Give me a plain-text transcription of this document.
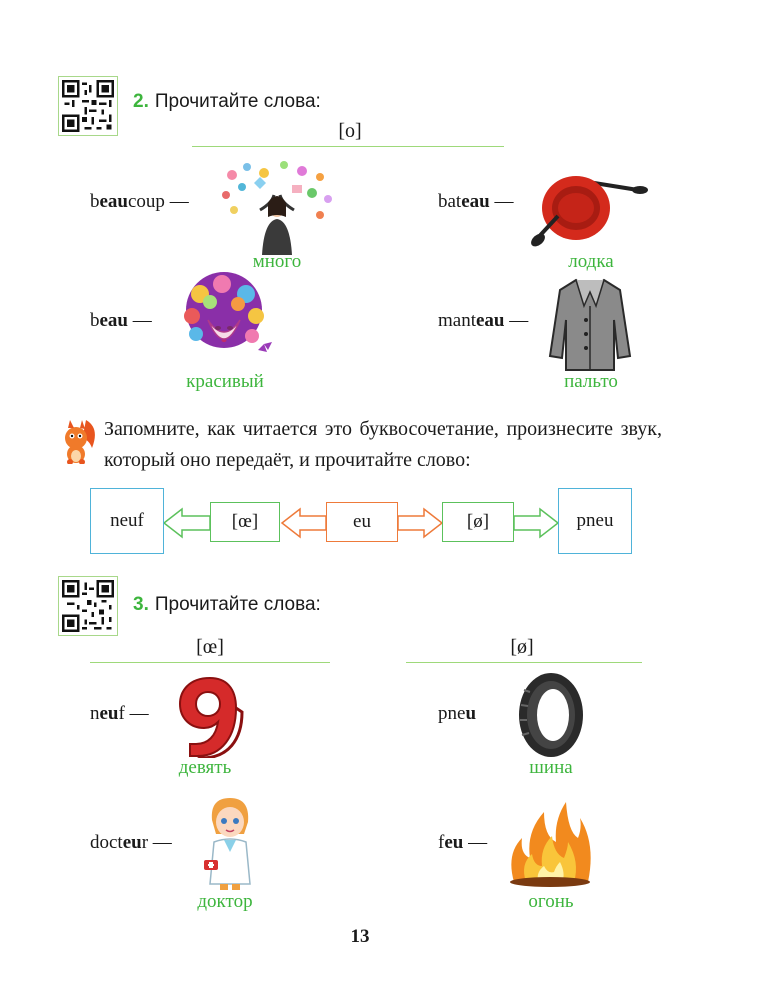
2. Прочитайте слова:
[o]
beaucoup —
много
bateau —
лодка
beau —
красивый
manteau —
пальто
Запомните, как читается это буквосочетание, произнесите звук, который оно передаёт, и прочитайте слово:
neuf	[œ]	eu	[ø]	pneu
3. Прочитайте слова:
[œ]	[ø]
neuf —
девять
pneu
шина
docteur —
доктор
feu —
огонь
13
